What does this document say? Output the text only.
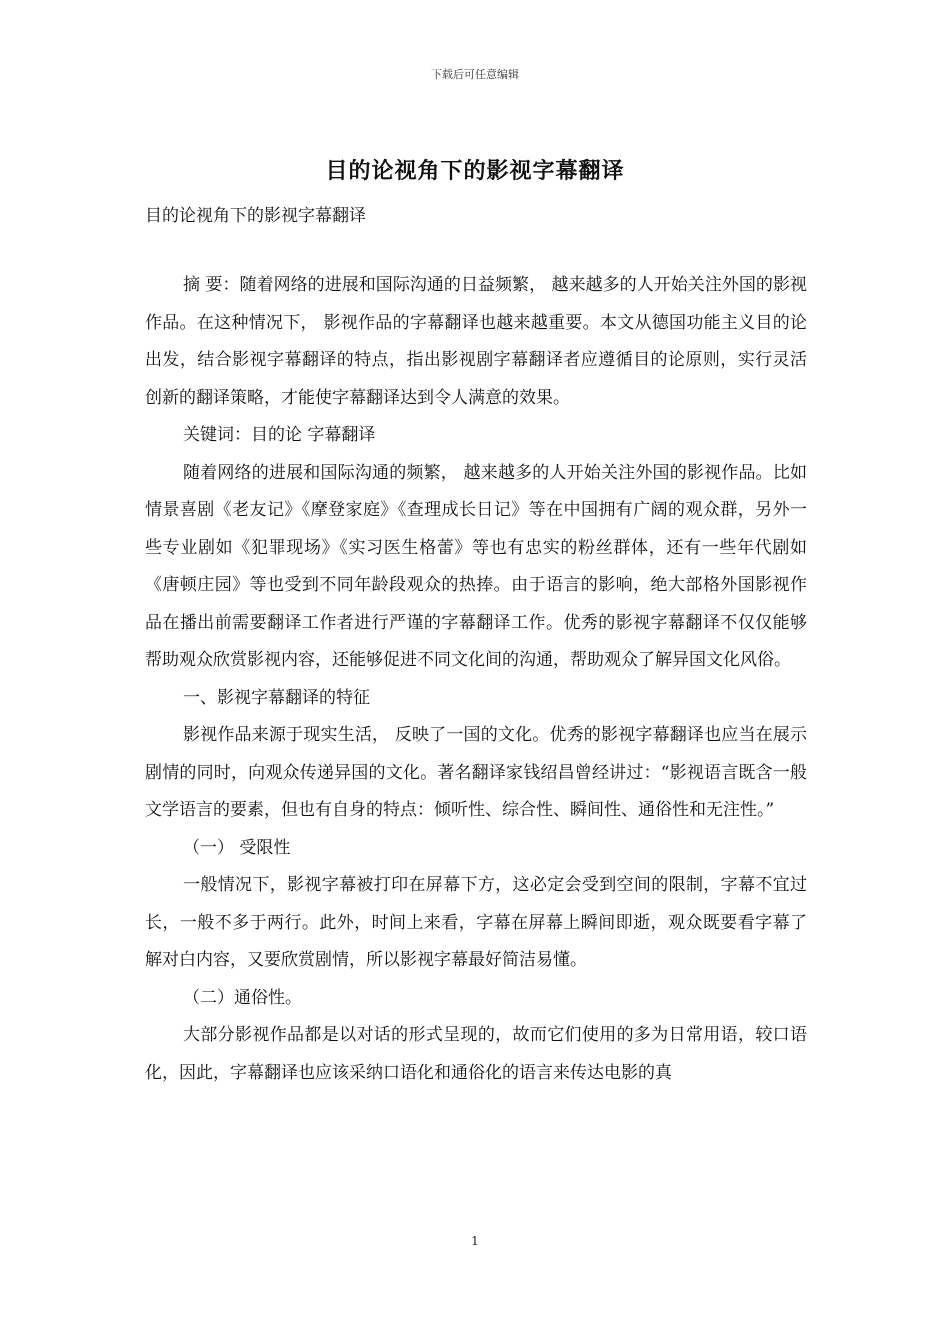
下载后可任意编辑
目的论视角下的影视字幕翻译
目的论视角下的影视字幕翻译

摘 要：随着网络的进展和国际沟通的日益频繁， 越来越多的人开始关注外国的影视作品。在这种情况下， 影视作品的字幕翻译也越来越重要。本文从德国功能主义目的论出发，结合影视字幕翻译的特点，指出影视剧字幕翻译者应遵循目的论原则，实行灵活创新的翻译策略，才能使字幕翻译达到令人满意的效果。

关键词：目的论 字幕翻译

随着网络的进展和国际沟通的频繁， 越来越多的人开始关注外国的影视作品。比如情景喜剧《老友记》《摩登家庭》《查理成长日记》等在中国拥有广阔的观众群，另外一些专业剧如《犯罪现场》《实习医生格蕾》等也有忠实的粉丝群体，还有一些年代剧如《唐顿庄园》等也受到不同年龄段观众的热捧。由于语言的影响，绝大部格外国影视作品在播出前需要翻译工作者进行严谨的字幕翻译工作。优秀的影视字幕翻译不仅仅能够帮助观众欣赏影视内容，还能够促进不同文化间的沟通，帮助观众了解异国文化风俗。

一、影视字幕翻译的特征

影视作品来源于现实生活， 反映了一国的文化。优秀的影视字幕翻译也应当在展示剧情的同时，向观众传递异国的文化。著名翻译家钱绍昌曾经讲过：“影视语言既含一般文学语言的要素，但也有自身的特点：倾听性、综合性、瞬间性、通俗性和无注性。”

（一） 受限性

一般情况下，影视字幕被打印在屏幕下方，这必定会受到空间的限制，字幕不宜过长，一般不多于两行。此外，时间上来看，字幕在屏幕上瞬间即逝，观众既要看字幕了解对白内容，又要欣赏剧情，所以影视字幕最好简洁易懂。

（二）通俗性。

大部分影视作品都是以对话的形式呈现的，故而它们使用的多为日常用语，较口语化，因此，字幕翻译也应该采纳口语化和通俗化的语言来传达电影的真

1
